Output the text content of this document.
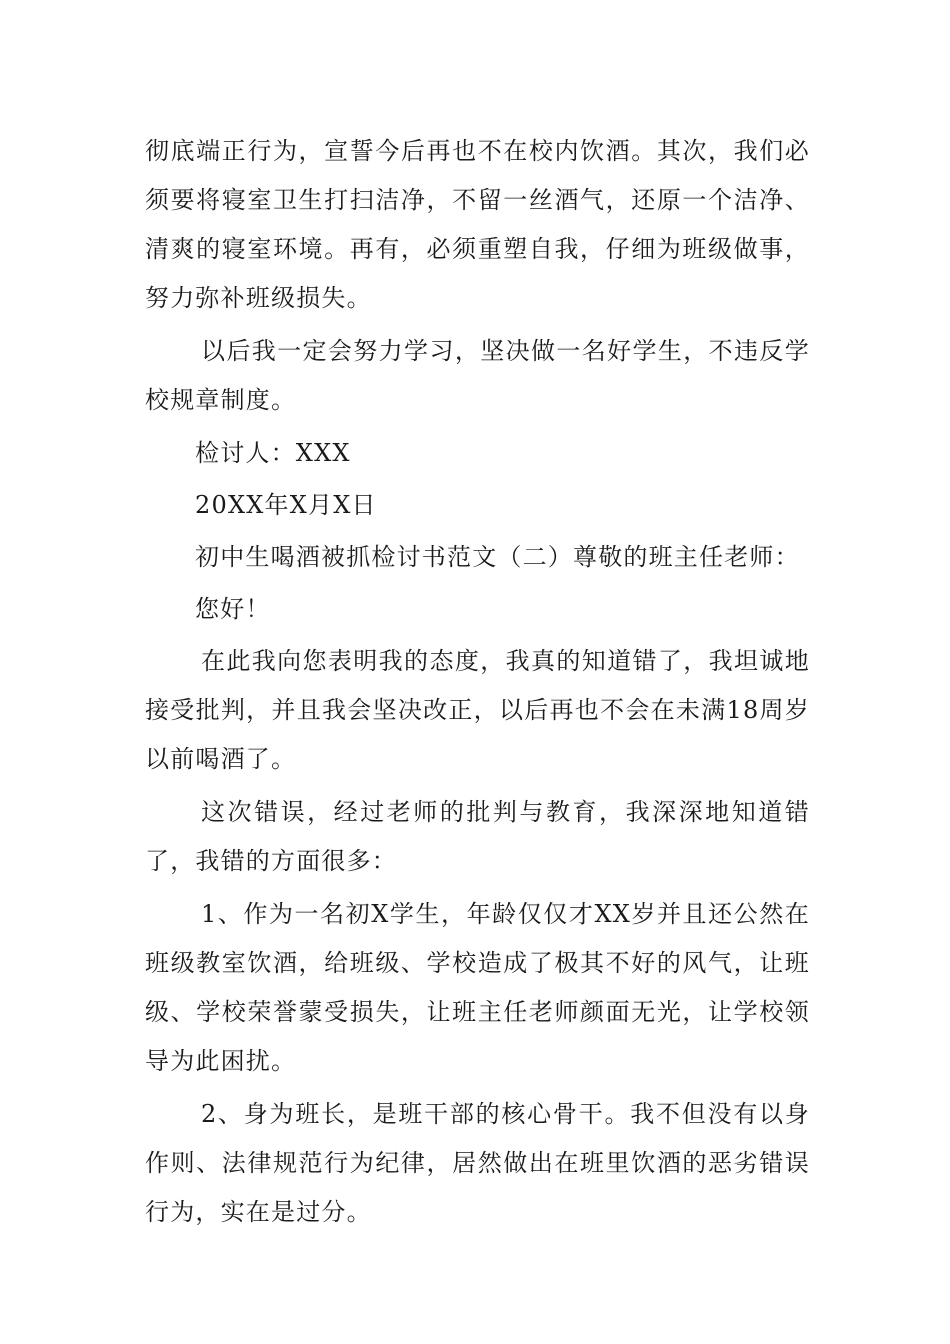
彻底端正行为，宣誓今后再也不在校内饮酒。其次，我们必须要将寝室卫生打扫洁净，不留一丝酒气，还原一个洁净、清爽的寝室环境。再有，必须重塑自我，仔细为班级做事，努力弥补班级损失。

以后我一定会努力学习，坚决做一名好学生，不违反学校规章制度。

检讨人：XXX

20XX年X月X日

初中生喝酒被抓检讨书范文（二）尊敬的班主任老师：

您好！

在此我向您表明我的态度，我真的知道错了，我坦诚地接受批判，并且我会坚决改正，以后再也不会在未满18周岁以前喝酒了。

这次错误，经过老师的批判与教育，我深深地知道错了，我错的方面很多：

1、作为一名初X学生，年龄仅仅才XX岁并且还公然在班级教室饮酒，给班级、学校造成了极其不好的风气，让班级、学校荣誉蒙受损失，让班主任老师颜面无光，让学校领导为此困扰。

2、身为班长，是班干部的核心骨干。我不但没有以身作则、法律规范行为纪律，居然做出在班里饮酒的恶劣错误行为，实在是过分。
